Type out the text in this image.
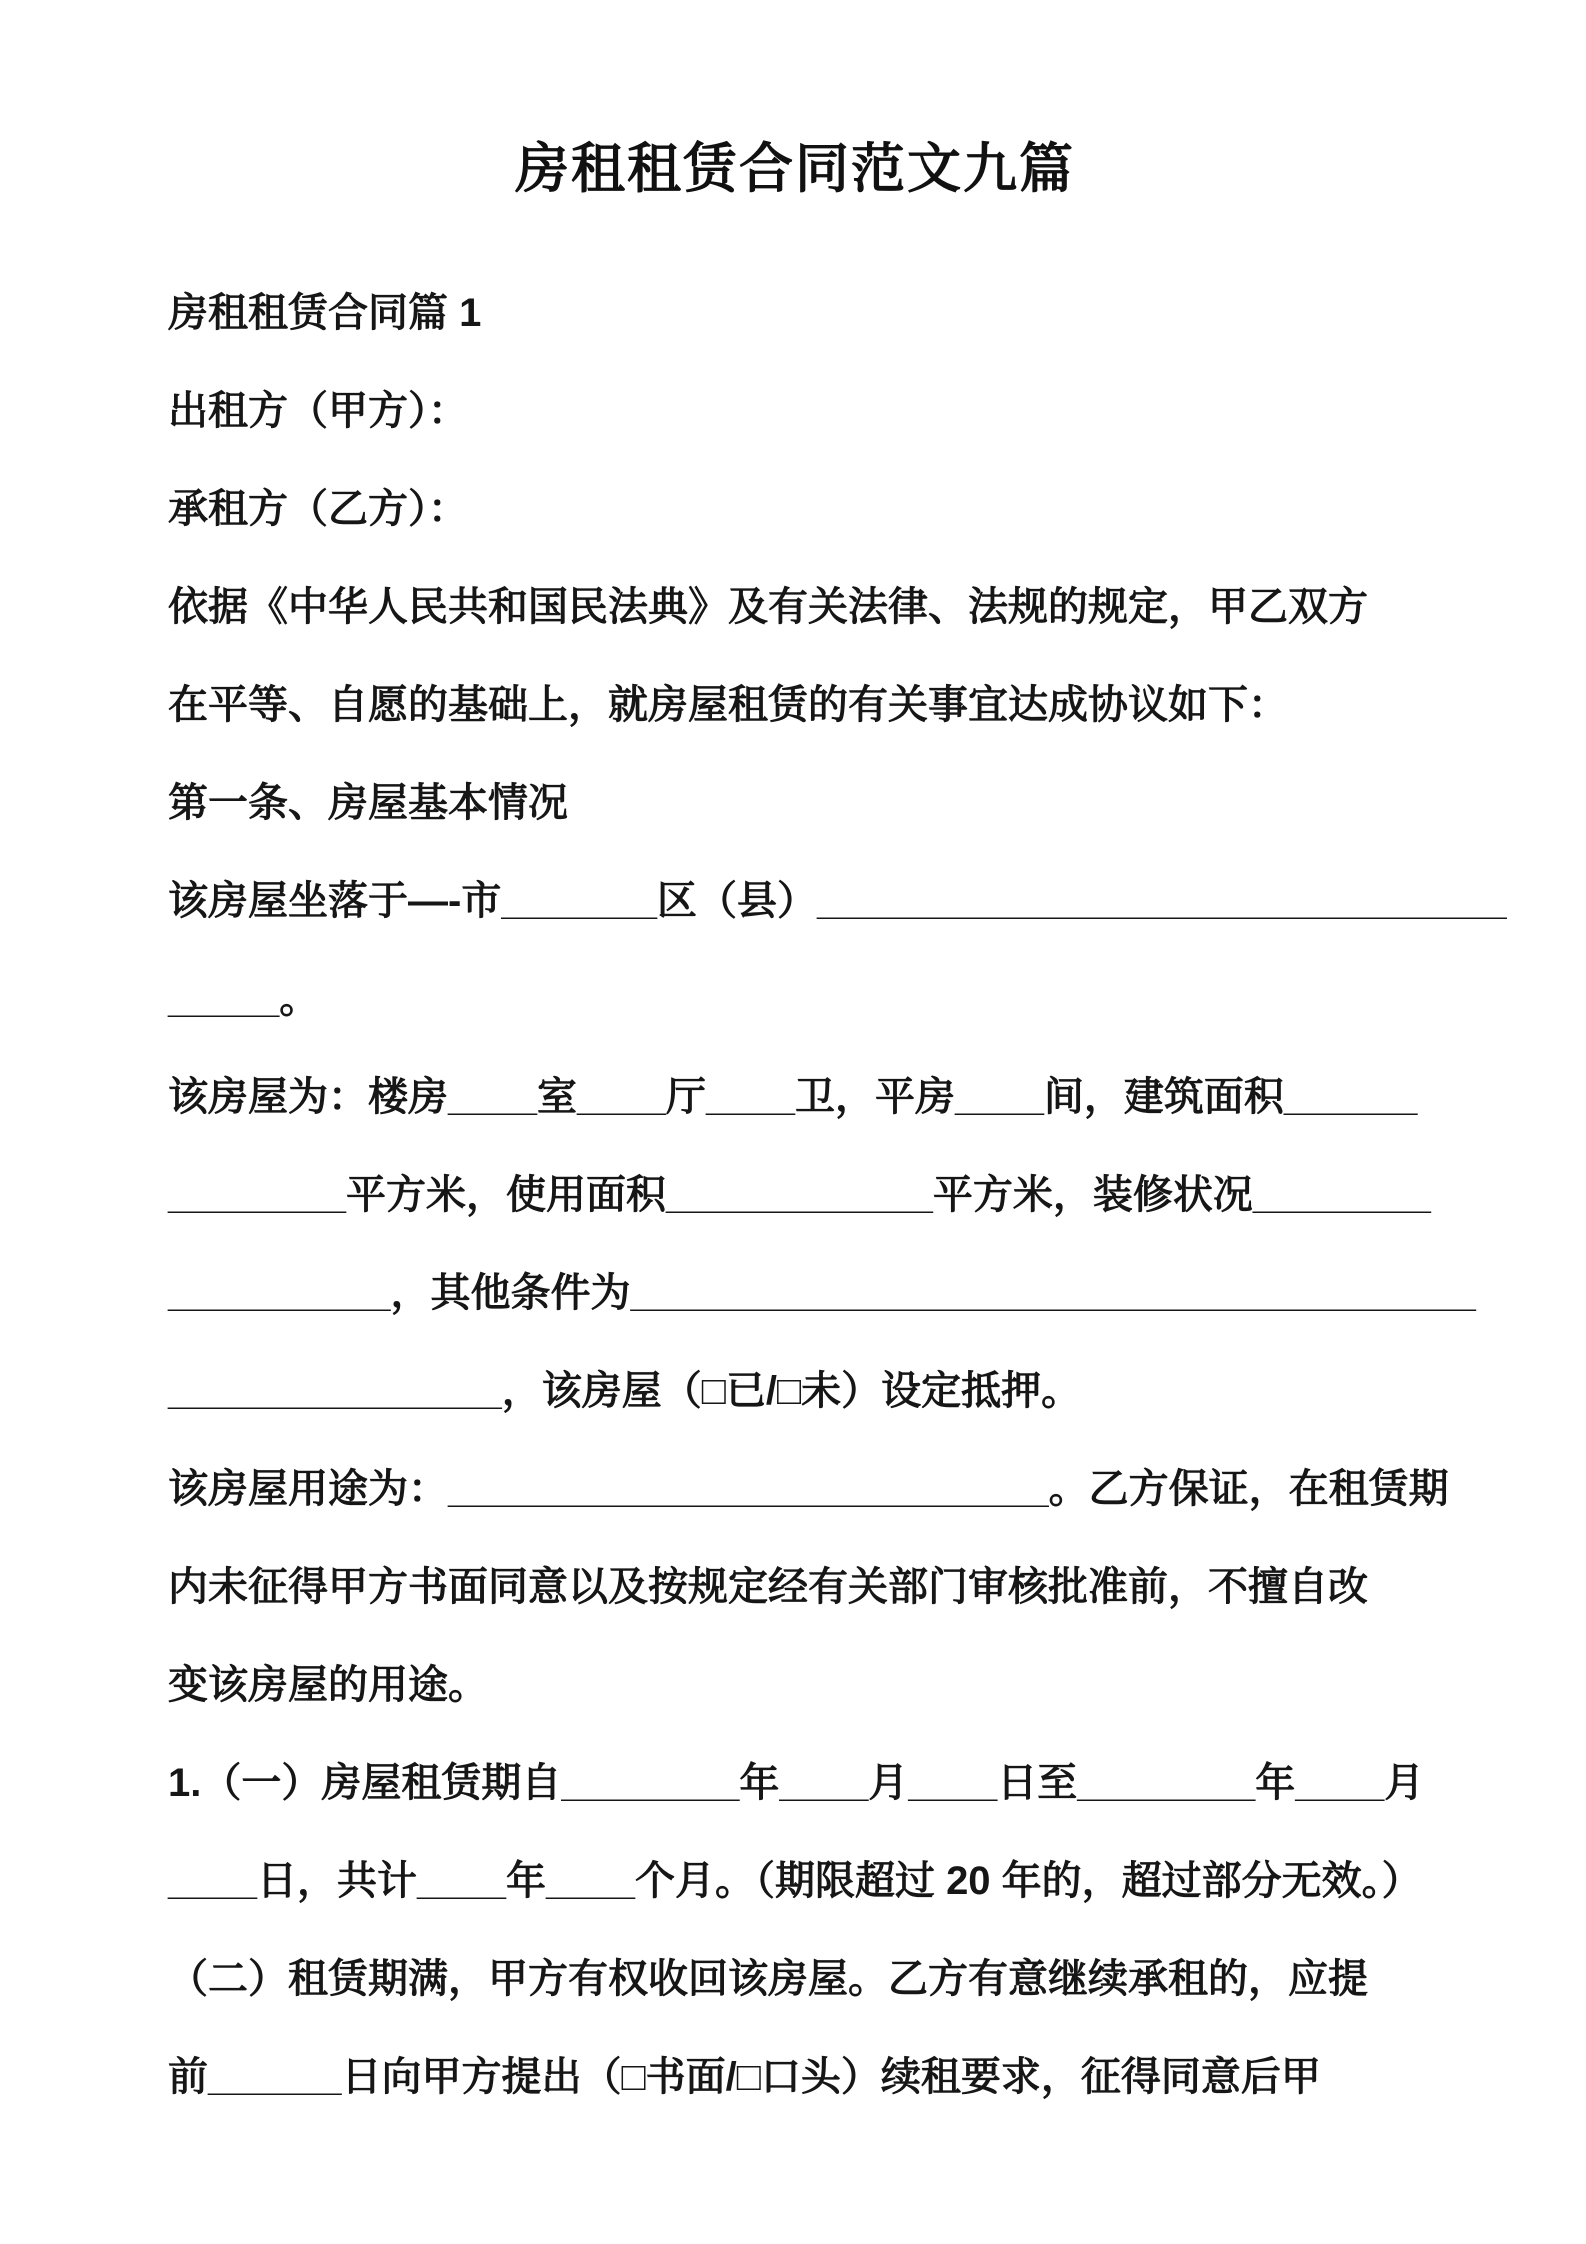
房租租赁合同范文九篇
房租租赁合同篇 1
出租方（甲方）：
承租方（乙方）：
依据《中华人民共和国民法典》及有关法律、法规的规定，甲乙双方
在平等、自愿的基础上，就房屋租赁的有关事宜达成协议如下：
第一条、房屋基本情况
该房屋坐落于—-市_______区（县）_______________________________
_____。
该房屋为：楼房____室____厅____卫，平房____间，建筑面积______
________平方米，使用面积____________平方米，装修状况________
__________，其他条件为______________________________________
_______________，该房屋（□已/□未）设定抵押。
该房屋用途为：___________________________。乙方保证，在租赁期
内未征得甲方书面同意以及按规定经有关部门审核批准前，不擅自改
变该房屋的用途。
1.（一）房屋租赁期自________年____月____日至________年____月
____日，共计____年____个月。（期限超过 20 年的，超过部分无效。）
（二）租赁期满，甲方有权收回该房屋。乙方有意继续承租的，应提
前______日向甲方提出（□书面/□口头）续租要求，征得同意后甲
